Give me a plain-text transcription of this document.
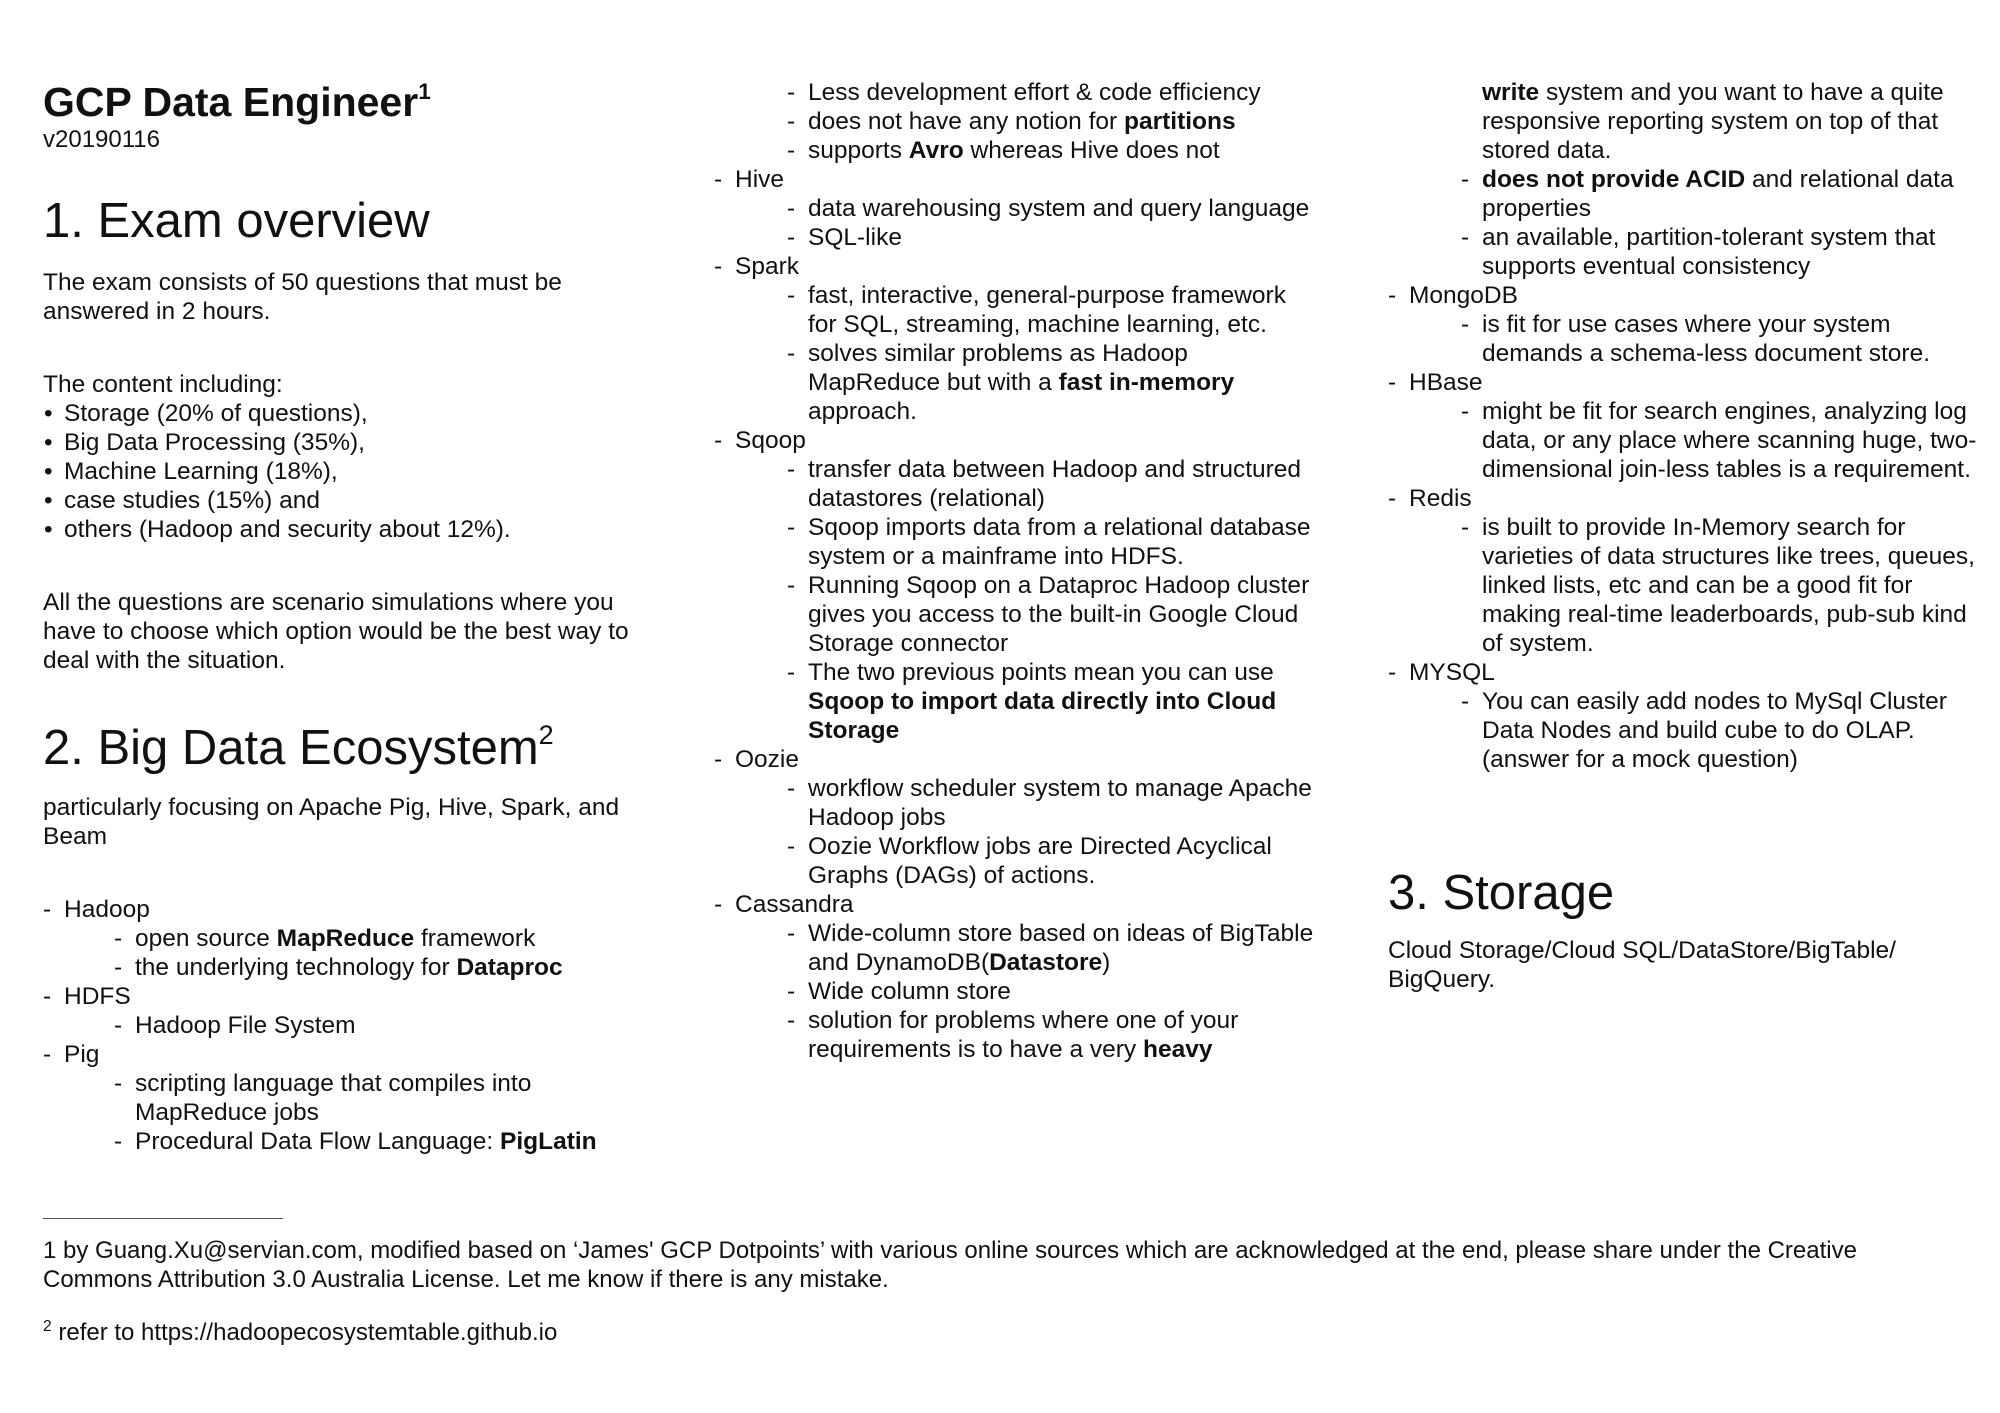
GCP Data Engineer$^1$

v20190116

1. Exam overview

The exam consists of 50 questions that must be answered in 2 hours.

The content including:

• Storage (20% of questions),
• Big Data Processing (35%),
• Machine Learning (18%),
• case studies (15%) and
• others (Hadoop and security about 12%).

All the questions are scenario simulations where you have to choose which option would be the best way to deal with the situation.

2. Big Data Ecosystem$^2$

particularly focusing on Apache Pig, Hive, Spark, and Beam

- Hadoop
- open source MapReduce framework
- the underlying technology for Dataproc
- HDFS
- Hadoop File System
- Pig
- scripting language that compiles into MapReduce jobs
- Procedural Data Flow Language: PigLatin
- Less development effort & code efficiency
- does not have any notion for partitions
- supports Avro whereas Hive does not
- Hive
- data warehousing system and query language
- SQL-like
- Spark
- fast, interactive, general-purpose framework for SQL, streaming, machine learning, etc.
- solves similar problems as Hadoop MapReduce but with a fast in-memory approach.
- Sqoop
- transfer data between Hadoop and structured datastores (relational)
- Sqoop imports data from a relational database system or a mainframe into HDFS.
- Running Sqoop on a Dataproc Hadoop cluster gives you access to the built-in Google Cloud Storage connector
- The two previous points mean you can use Sqoop to import data directly into Cloud Storage
- Oozie
- workflow scheduler system to manage Apache Hadoop jobs
- Oozie Workflow jobs are Directed Acyclical Graphs (DAGs) of actions.
- Cassandra
- Wide-column store based on ideas of BigTable and DynamoDB(Datastore)
- Wide column store
- solution for problems where one of your requirements is to have a very heavy

write system and you want to have a quite responsive reporting system on top of that stored data.

- does not provide ACID and relational data properties
- an available, partition-tolerant system that supports eventual consistency
- MongoDB
- is fit for use cases where your system demands a schema-less document store.
- HBase
- might be fit for search engines, analyzing log data, or any place where scanning huge, two-dimensional join-less tables is a requirement.
- Redis
- is built to provide In-Memory search for varieties of data structures like trees, queues, linked lists, etc and can be a good fit for making real-time leaderboards, pub-sub kind of system.
- MYSQL
- You can easily add nodes to MySql Cluster Data Nodes and build cube to do OLAP. (answer for a mock question)
3. Storage

Cloud Storage/Cloud SQL/DataStore/BigTable/ BigQuery.

1 by Guang.Xu@servian.com, modified based on ‘James' GCP Dotpoints’ with various online sources which are acknowledged at the end, please share under the Creative Commons Attribution 3.0 Australia License. Let me know if there is any mistake.

$^2$ refer to https://hadoopecosystemtable.github.io
